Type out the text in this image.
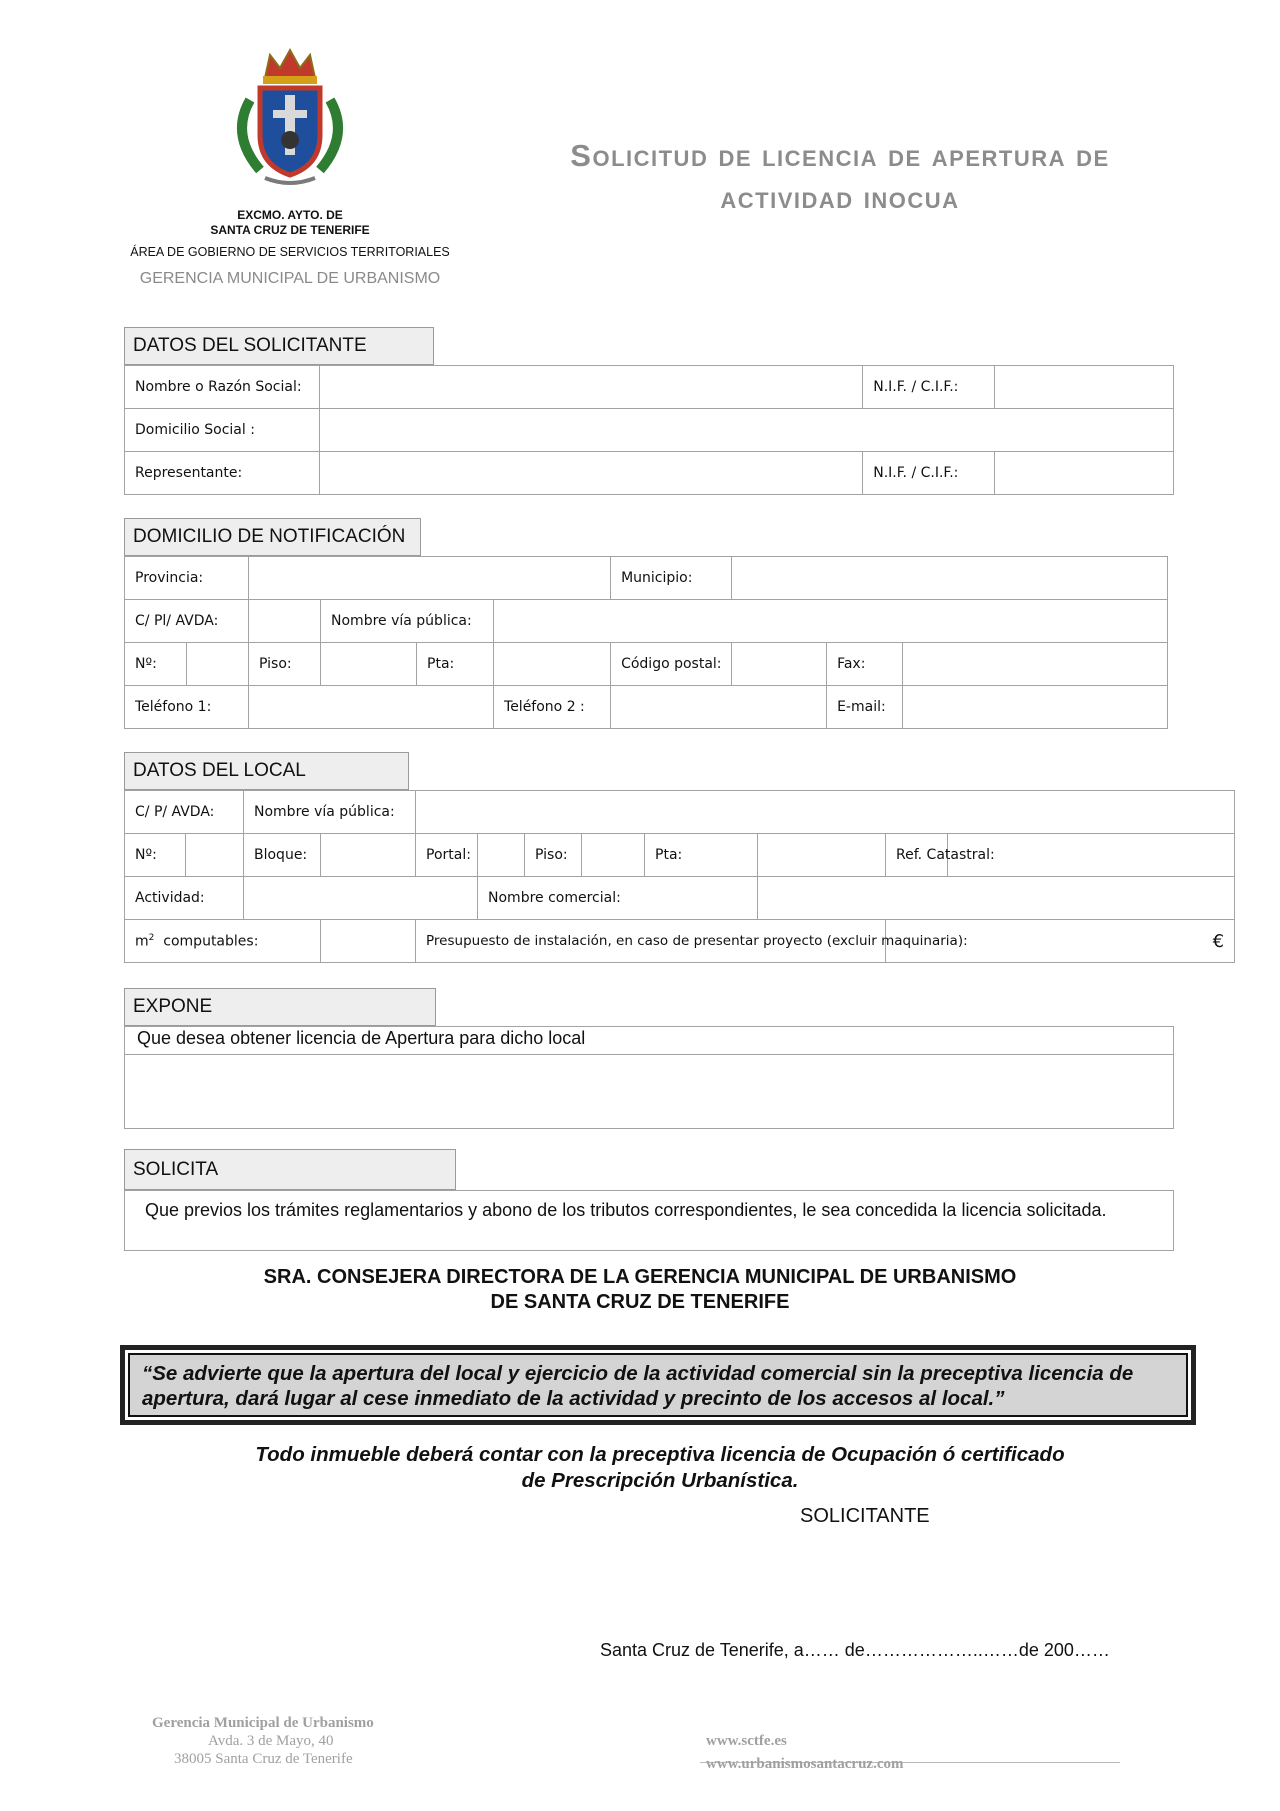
EXCMO. AYTO. DE
SANTA CRUZ DE TENERIFE
ÁREA DE GOBIERNO DE SERVICIOS TERRITORIALES
GERENCIA MUNICIPAL DE URBANISMO
Solicitud de licencia de apertura de
actividad inocua
DATOS DEL SOLICITANTE
Nombre o Razón Social:		N.I.F. / C.I.F.:	
Domicilio Social :			
Representante:		N.I.F. / C.I.F.:	
DOMICILIO DE NOTIFICACIÓN
Provincia:						Municipio:			
C/ Pl/ AVDA:			Nombre vía pública:						
Nº:		Piso:		Pta:		Código postal:		Fax:	
Teléfono 1:					Teléfono 2 :			E-mail:	
DATOS DEL LOCAL
C/ P/ AVDA:		Nombre vía pública:									
Nº:		Bloque:		Portal:		Piso:		Pta:		Ref. Catastral:	
Actividad:					Nombre comercial:						
$m^2$ computables:				Presupuesto de instalación, en caso de presentar proyecto (excluir maquinaria):						€	
EXPONE
Que desea obtener licencia de Apertura para dicho local
SOLICITA
Que previos los trámites reglamentarios y abono de los tributos correspondientes, le sea concedida la licencia solicitada.
SRA. CONSEJERA DIRECTORA DE LA GERENCIA MUNICIPAL DE URBANISMO
DE SANTA CRUZ DE TENERIFE
“Se advierte que la apertura del local y ejercicio de la actividad comercial sin la preceptiva licencia de apertura, dará lugar al cese inmediato de la actividad y precinto de los accesos al local.”
Todo inmueble deberá contar con la preceptiva licencia de Ocupación ó certificado
de Prescripción Urbanística.
SOLICITANTE
Santa Cruz de Tenerife, a…… de………………..……de 200……
Gerencia Municipal de Urbanismo
Avda. 3 de Mayo, 40
38005 Santa Cruz de Tenerife
www.sctfe.es
www.urbanismosantacruz.com
